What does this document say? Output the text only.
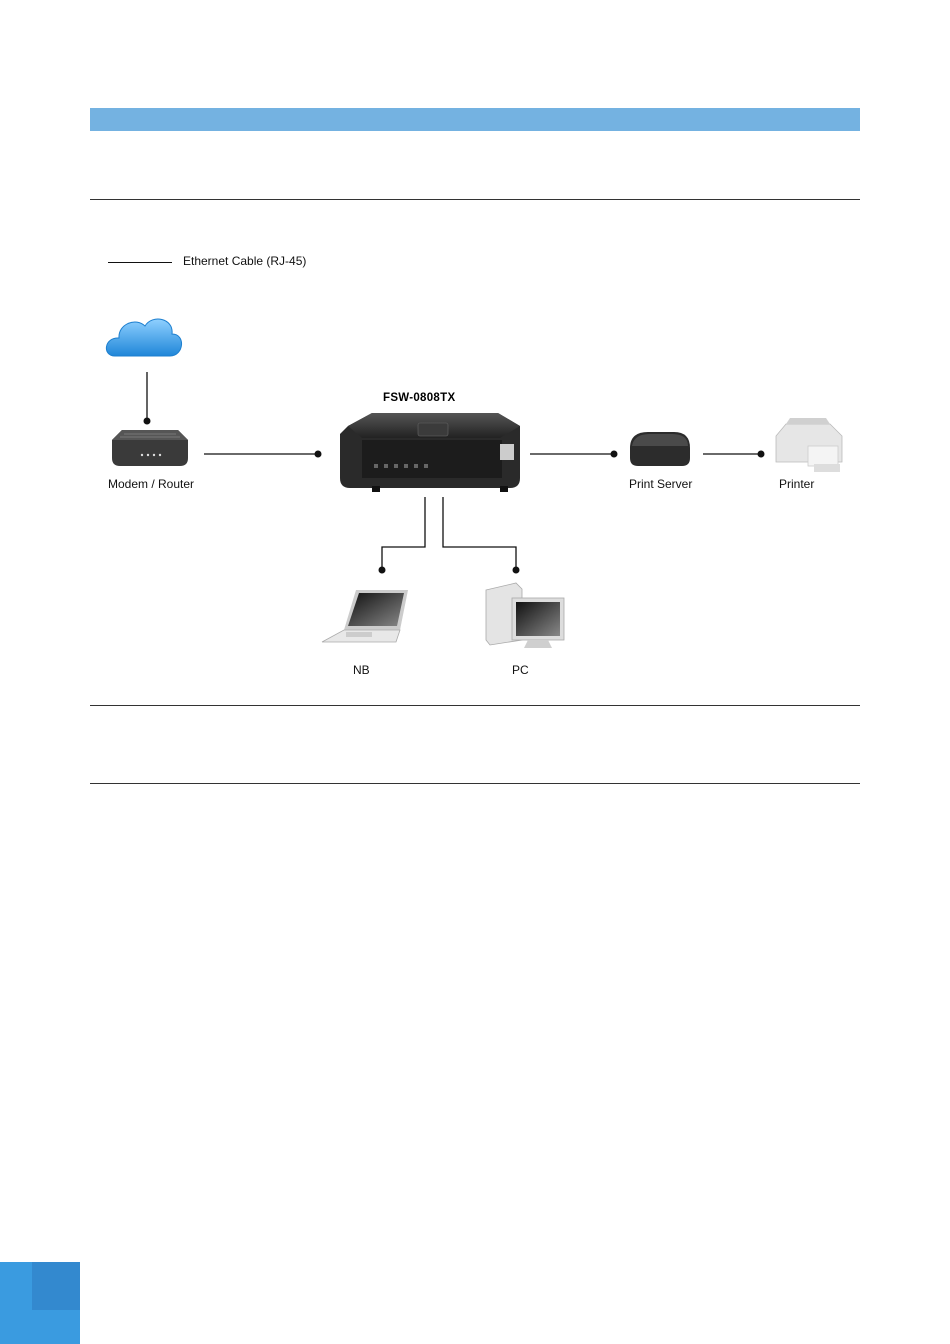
Ethernet Cable (RJ-45)
Modem / Router
FSW-0808TX
Print Server	Printer
NB	PC
